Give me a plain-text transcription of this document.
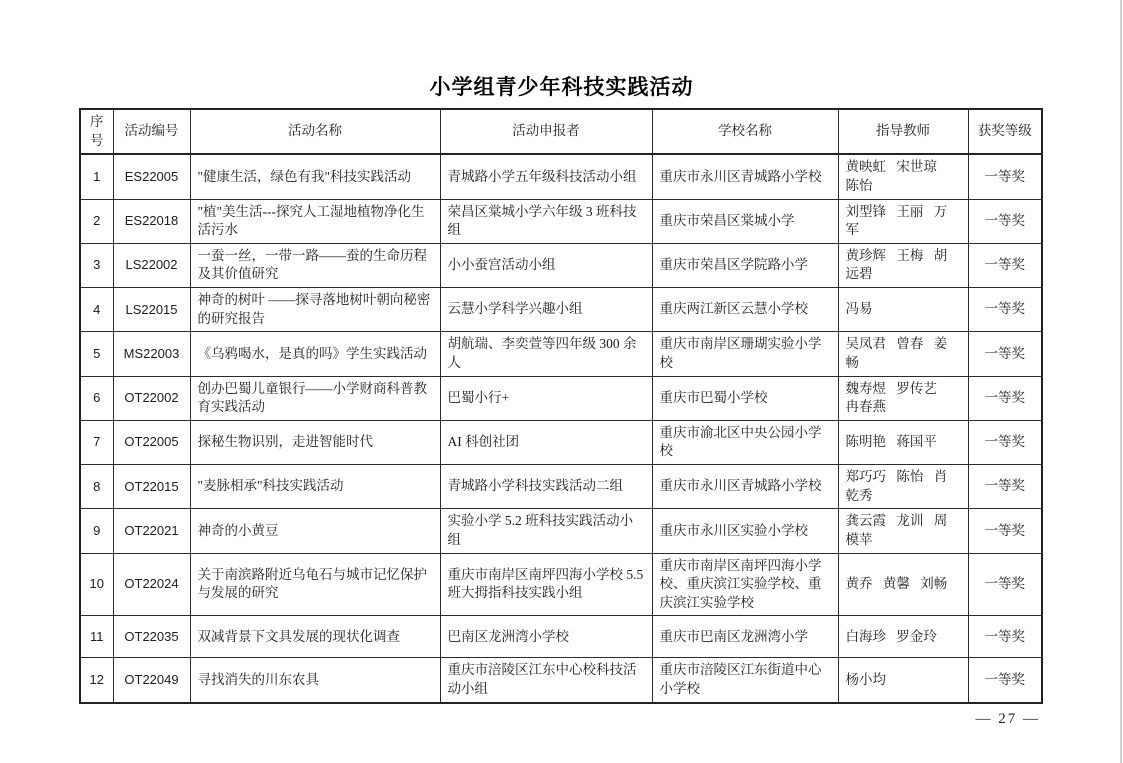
小学组青少年科技实践活动
序号	活动编号	活动名称	活动申报者	学校名称	指导教师	获奖等级
1	ES22005	"健康生活，绿色有我"科技实践活动	青城路小学五年级科技活动小组	重庆市永川区青城路小学校	黄映虹 宋世琼 陈怡	一等奖
2	ES22018	"植"美生活---探究人工湿地植物净化生活污水	荣昌区棠城小学六年级 3 班科技组	重庆市荣昌区棠城小学	刘型锋 王丽 万军	一等奖
3	LS22002	一蚕一丝，一带一路——蚕的生命历程及其价值研究	小小蚕宫活动小组	重庆市荣昌区学院路小学	黄珍辉 王梅 胡远碧	一等奖
4	LS22015	神奇的树叶 ——探寻落地树叶朝向秘密的研究报告	云慧小学科学兴趣小组	重庆两江新区云慧小学校	冯易	一等奖
5	MS22003	《乌鸦喝水，是真的吗》学生实践活动	胡航瑞、李奕萱等四年级 300 余人	重庆市南岸区珊瑚实验小学校	吴凤君 曾春 姜畅	一等奖
6	OT22002	创办巴蜀儿童银行——小学财商科普教育实践活动	巴蜀小行+	重庆市巴蜀小学校	魏寿煜 罗传艺 冉春燕	一等奖
7	OT22005	探秘生物识别，走进智能时代	AI 科创社团	重庆市渝北区中央公园小学校	陈明艳 蒋国平	一等奖
8	OT22015	"麦脉相承"科技实践活动	青城路小学科技实践活动二组	重庆市永川区青城路小学校	郑巧巧 陈怡 肖乾秀	一等奖
9	OT22021	神奇的小黄豆	实验小学 5.2 班科技实践活动小组	重庆市永川区实验小学校	龚云霞 龙训 周模苹	一等奖
10	OT22024	关于南滨路附近乌龟石与城市记忆保护与发展的研究	重庆市南岸区南坪四海小学校 5.5 班大拇指科技实践小组	重庆市南岸区南坪四海小学校、重庆滨江实验学校、重庆滨江实验学校	黄乔 黄馨 刘畅	一等奖
11	OT22035	双减背景下文具发展的现状化调查	巴南区龙洲湾小学校	重庆市巴南区龙洲湾小学	白海珍 罗金玲	一等奖
12	OT22049	寻找消失的川东农具	重庆市涪陵区江东中心校科技活动小组	重庆市涪陵区江东街道中心小学校	杨小均	一等奖
— 27 —
